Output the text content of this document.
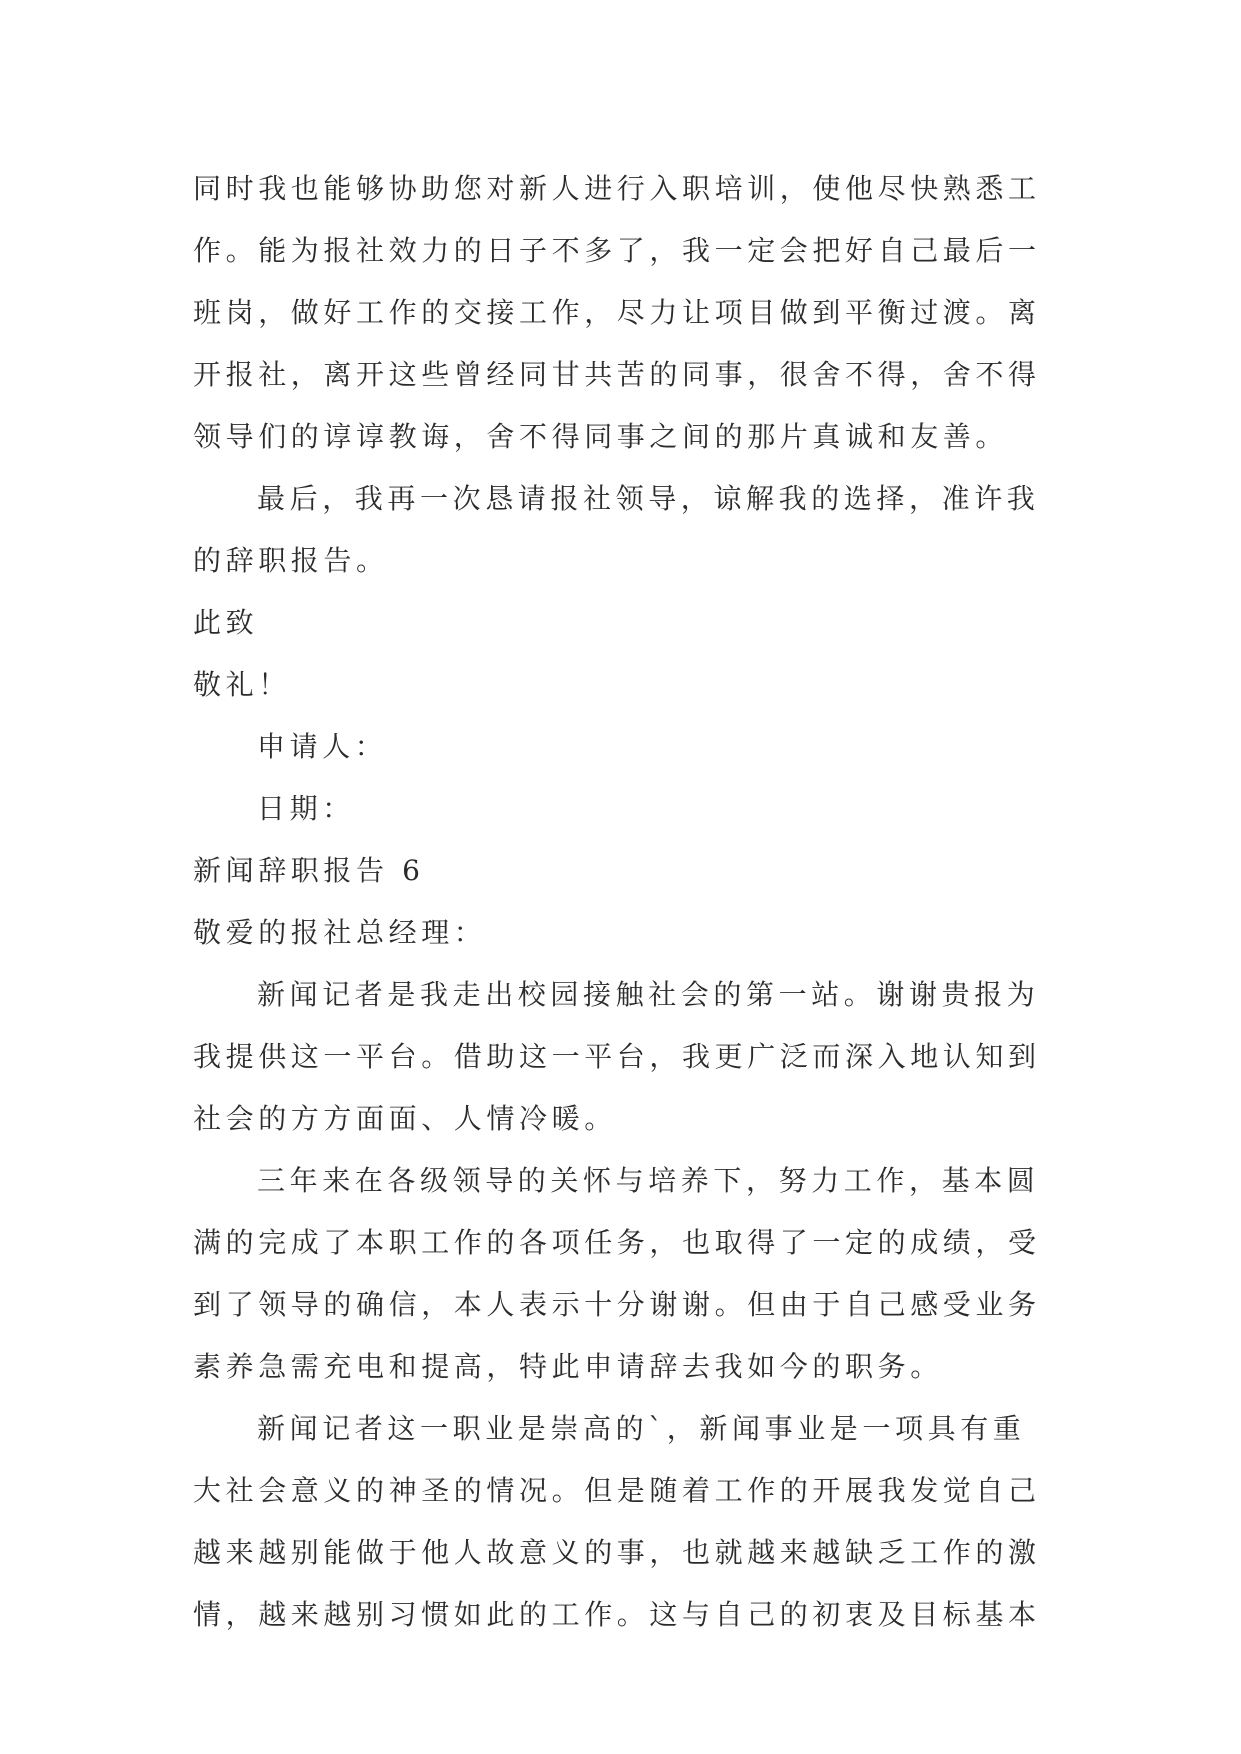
同时我也能够协助您对新人进行入职培训，使他尽快熟悉工
作。能为报社效力的日子不多了，我一定会把好自己最后一
班岗，做好工作的交接工作，尽力让项目做到平衡过渡。离
开报社，离开这些曾经同甘共苦的同事，很舍不得，舍不得
领导们的谆谆教诲，舍不得同事之间的那片真诚和友善。
最后，我再一次恳请报社领导，谅解我的选择，准许我
的辞职报告。
此致
敬礼！
申请人：
日期：
新闻辞职报告 6
敬爱的报社总经理：
新闻记者是我走出校园接触社会的第一站。谢谢贵报为
我提供这一平台。借助这一平台，我更广泛而深入地认知到
社会的方方面面、人情冷暖。
三年来在各级领导的关怀与培养下，努力工作，基本圆
满的完成了本职工作的各项任务，也取得了一定的成绩，受
到了领导的确信，本人表示十分谢谢。但由于自己感受业务
素养急需充电和提高，特此申请辞去我如今的职务。
新闻记者这一职业是崇高的`，新闻事业是一项具有重
大社会意义的神圣的情况。但是随着工作的开展我发觉自己
越来越别能做于他人故意义的事，也就越来越缺乏工作的激
情，越来越别习惯如此的工作。这与自己的初衷及目标基本
